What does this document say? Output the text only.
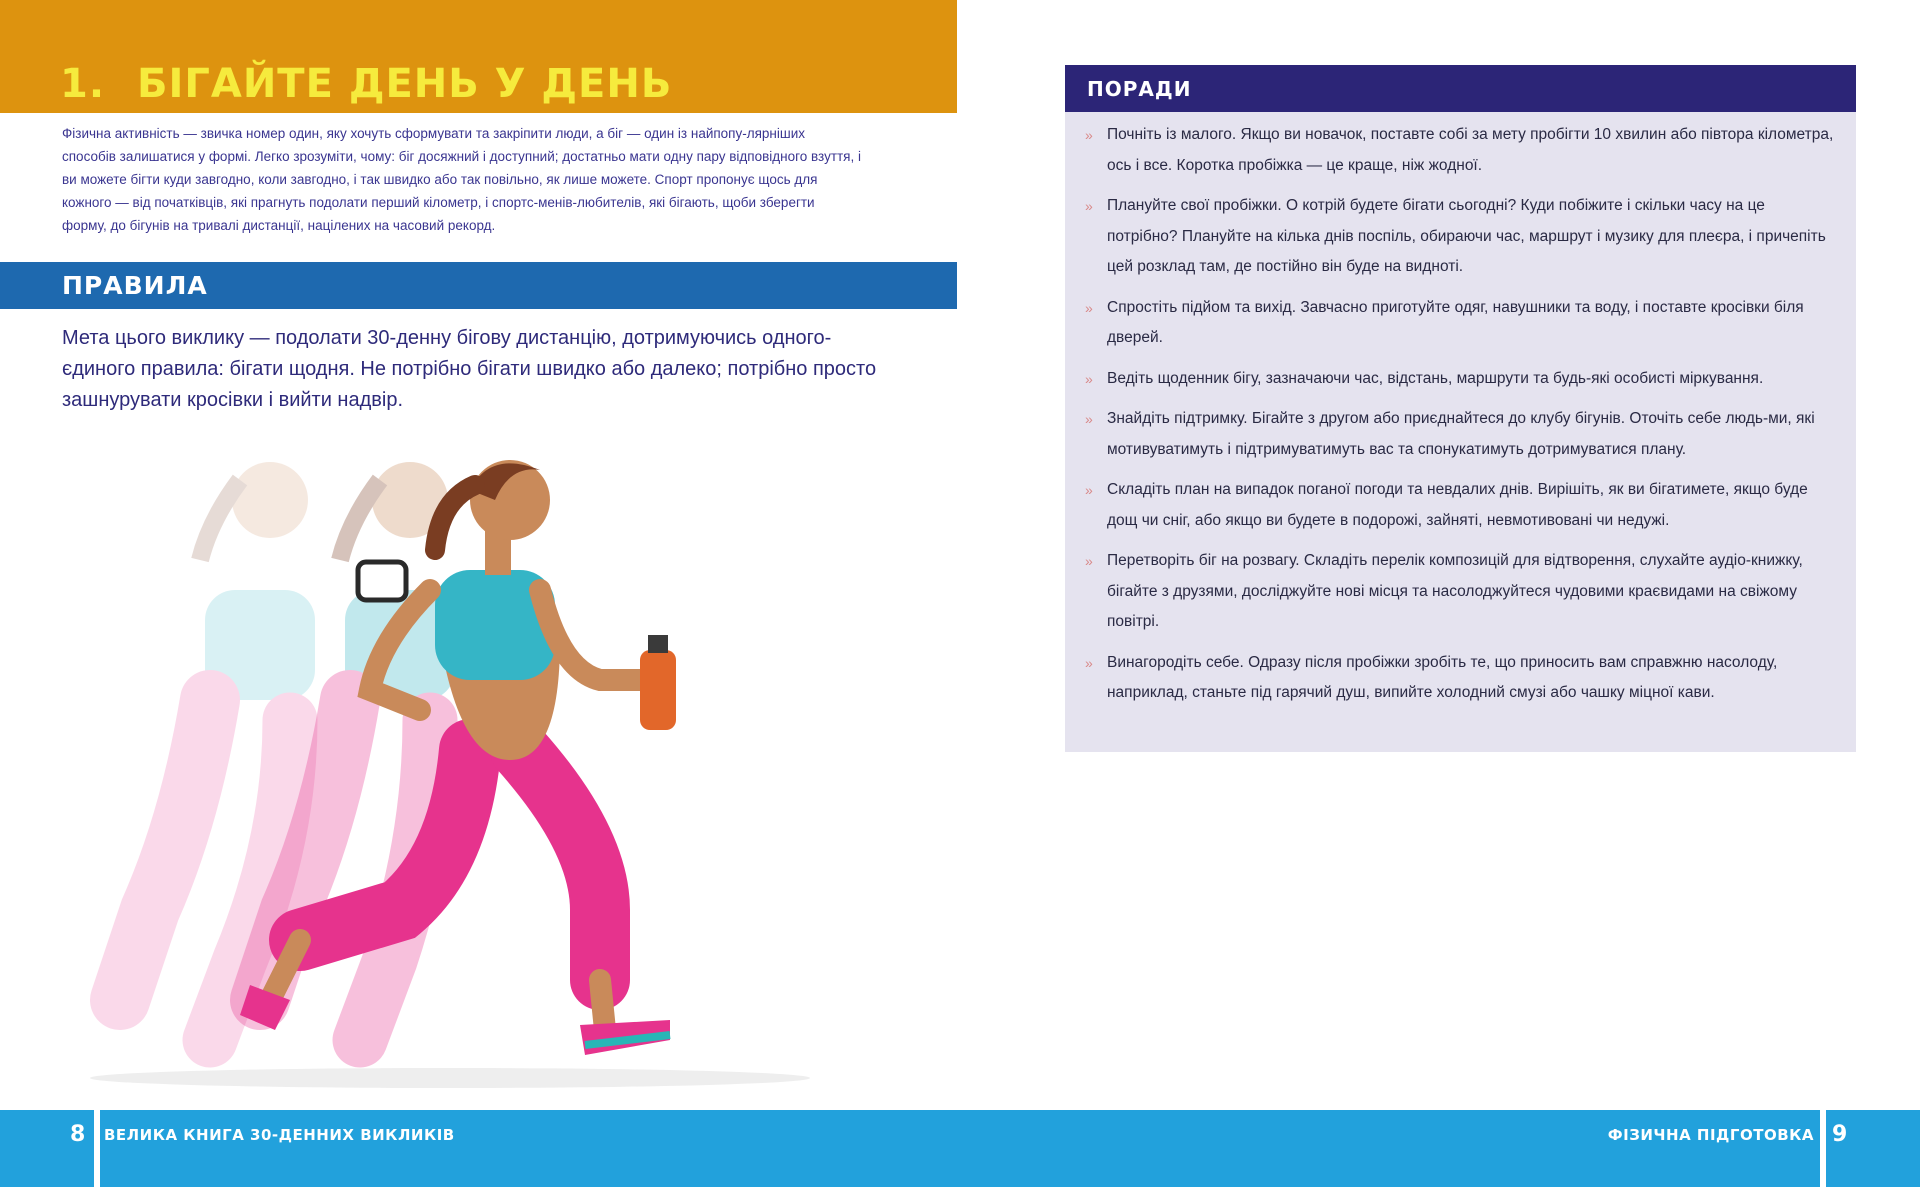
1. БІГАЙТЕ ДЕНЬ У ДЕНЬ

Фізична активність — звичка номер один, яку хочуть сформувати та закріпити люди, а біг — один із найпопу-лярніших способів залишатися у формі. Легко зрозуміти, чому: біг досяжний і доступний; достатньо мати одну пару відповідного взуття, і ви можете бігти куди завгодно, коли завгодно, і так швидко або так повільно, як лише можете. Спорт пропонує щось для кожного — від початківців, які прагнуть подолати перший кілометр, і спортс-менів-любителів, які бігають, щоби зберегти форму, до бігунів на тривалі дистанції, націлених на часовий рекорд.

ПРАВИЛА

Мета цього виклику — подолати 30-денну бігову дистанцію, дотримуючись одного-єдиного правила: бігати щодня. Не потрібно бігати швидко або далеко; потрібно просто зашнурувати кросівки і вийти надвір.

ПОРАДИ
» Почніть із малого. Якщо ви новачок, поставте собі за мету пробігти 10 хвилин або півтора кілометра, ось і все. Коротка пробіжка — це краще, ніж жодної.
» Плануйте свої пробіжки. О котрій будете бігати сьогодні? Куди побіжите і скільки часу на це потрібно? Плануйте на кілька днів поспіль, обираючи час, маршрут і музику для плеєра, і причепіть цей розклад там, де постійно він буде на видноті.
» Спростіть підйом та вихід. Завчасно приготуйте одяг, навушники та воду, і поставте кросівки біля дверей.
» Ведіть щоденник бігу, зазначаючи час, відстань, маршрути та будь-які особисті міркування.
» Знайдіть підтримку. Бігайте з другом або приєднайтеся до клубу бігунів. Оточіть себе людь-ми, які мотивуватимуть і підтримуватимуть вас та спонукатимуть дотримуватися плану.
» Складіть план на випадок поганої погоди та невдалих днів. Вирішіть, як ви бігатимете, якщо буде дощ чи сніг, або якщо ви будете в подорожі, зайняті, невмотивовані чи недужі.
» Перетворіть біг на розвагу. Складіть перелік композицій для відтворення, слухайте аудіо-книжку, бігайте з друзями, досліджуйте нові місця та насолоджуйтеся чудовими краєвидами на свіжому повітрі.
» Винагородіть себе. Одразу після пробіжки зробіть те, що приносить вам справжню насолоду, наприклад, станьте під гарячий душ, випийте холодний смузі або чашку міцної кави.
8 ВЕЛИКА КНИГА 30-ДЕННИХ ВИКЛИКІВ	ФІЗИЧНА ПІДГОТОВКА 9
